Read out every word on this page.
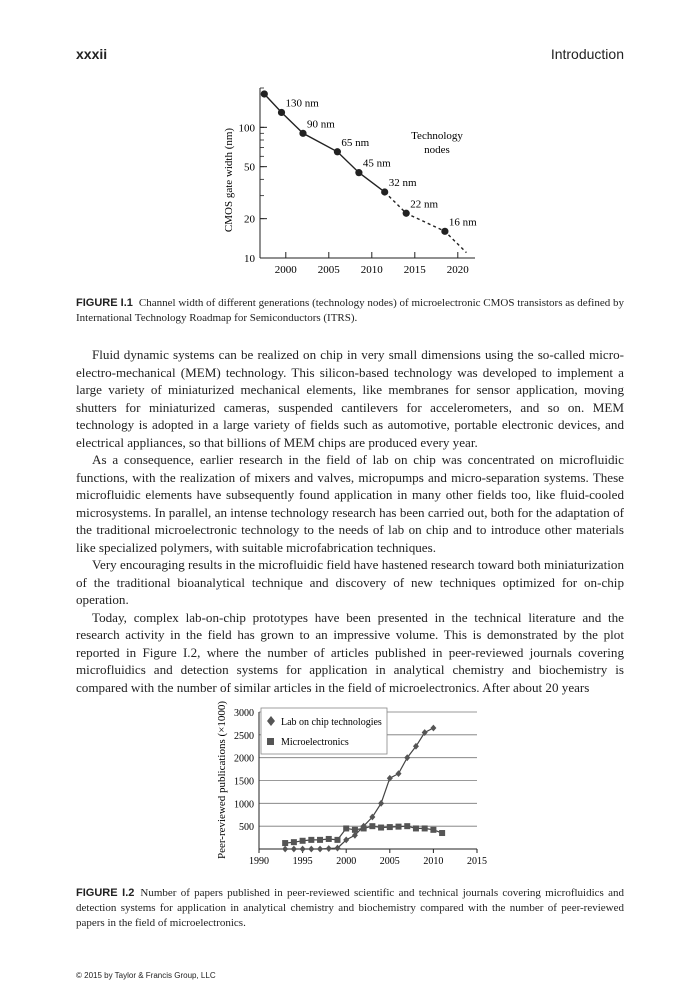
xxxii	Introduction
10
20
50
100
2000 2005 2010 2015 2020
130 nm
90 nm
65 nm
45 nm
32 nm
22 nm
16 nm
Technology
nodes
CMOS gate width (nm)
FIGURE I.1 Channel width of different generations (technology nodes) of microelectronic CMOS transistors as defined by International Technology Roadmap for Semiconductors (ITRS).

Fluid dynamic systems can be realized on chip in very small dimensions using the so-called micro-electro-mechanical (MEM) technology. This silicon-based technology was developed to implement a large variety of miniaturized mechanical elements, like membranes for sensor application, moving shutters for miniaturized cameras, suspended cantilevers for accelerometers, and so on. MEM technology is adopted in a large variety of fields such as automotive, portable electronic devices, and electrical appliances, so that billions of MEM chips are produced every year.

As a consequence, earlier research in the field of lab on chip was concentrated on microfluidic functions, with the realization of mixers and valves, micropumps and micro-separation systems. These microfluidic elements have subsequently found application in many other fields too, like fluid-cooled microsystems. In parallel, an intense technology research has been carried out, both for the adaptation of the traditional microelectronic technology to the needs of lab on chip and to introduce other materials like specialized polymers, with suitable microfabrication techniques.

Very encouraging results in the microfluidic field have hastened research toward both miniaturization of the traditional bioanalytical technique and discovery of new techniques optimized for on-chip operation.

Today, complex lab-on-chip prototypes have been presented in the technical literature and the research activity in the field has grown to an impressive volume. This is demonstrated by the plot reported in Figure I.2, where the number of articles published in peer-reviewed journals covering microfluidics and detection systems for application in analytical chemistry and biochemistry is compared with the number of similar articles in the field of microelectronics. After about 20 years

500
1000
1500
2000
2500
3000
1990 1995 2000 2005 2010 2015
Lab on chip technologies
Microelectronics
Peer-reviewed publications (×1000)
FIGURE I.2 Number of papers published in peer-reviewed scientific and technical journals covering microfluidics and detection systems for application in analytical chemistry and biochemistry compared with the number of peer-reviewed papers in the field of microelectronics.
© 2015 by Taylor & Francis Group, LLC
